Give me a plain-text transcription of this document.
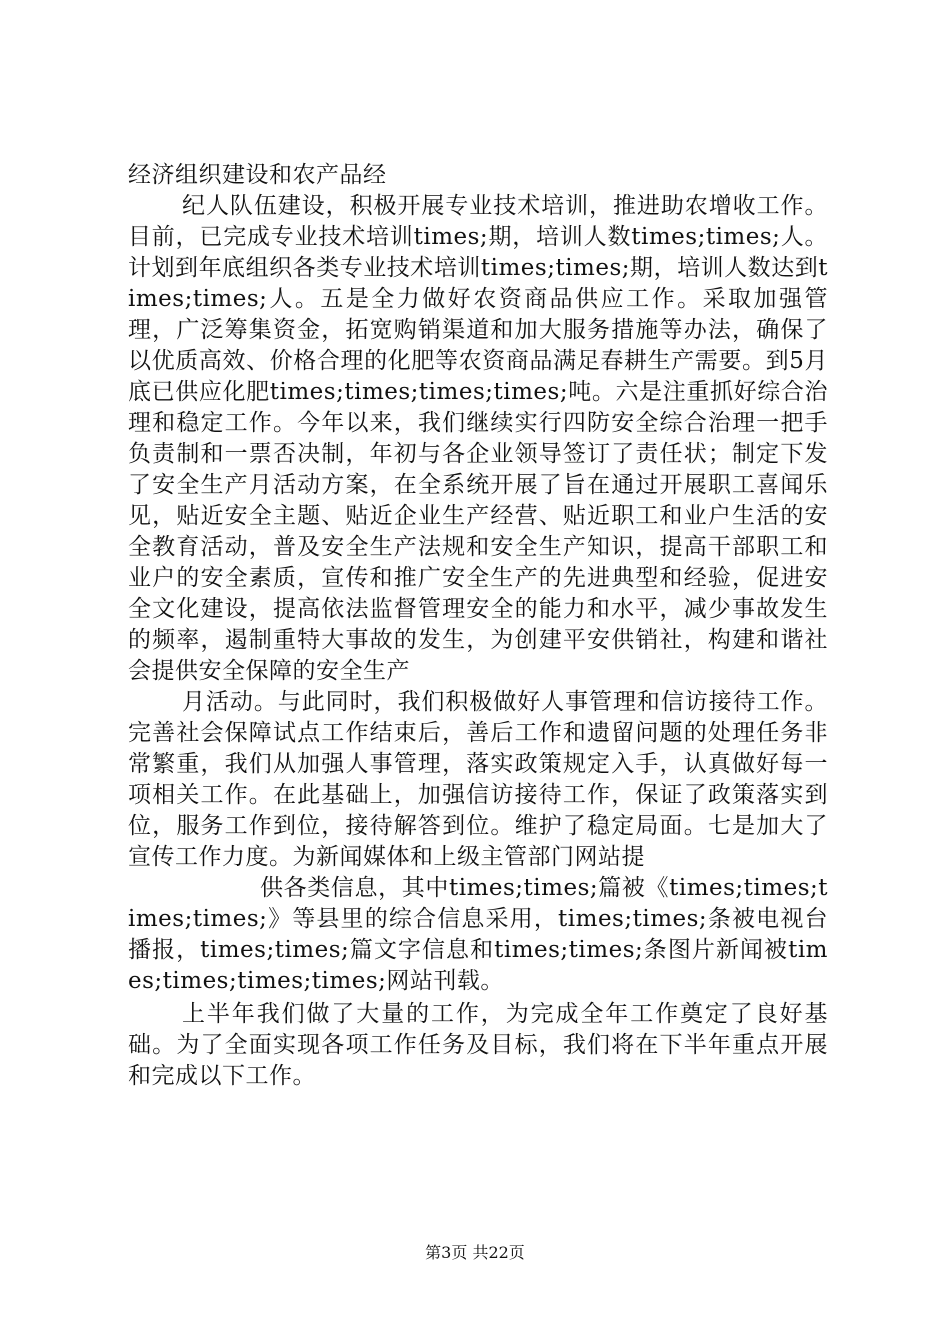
经济组织建设和农产品经

纪人队伍建设，积极开展专业技术培训，推进助农增收工作。目前，已完成专业技术培训times;期，培训人数times;times;人。计划到年底组织各类专业技术培训times;times;期，培训人数达到times;times;人。五是全力做好农资商品供应工作。采取加强管理，广泛筹集资金，拓宽购销渠道和加大服务措施等办法，确保了以优质高效、价格合理的化肥等农资商品满足春耕生产需要。到5月底已供应化肥times;times;times;times;吨。六是注重抓好综合治理和稳定工作。今年以来，我们继续实行四防安全综合治理一把手负责制和一票否决制，年初与各企业领导签订了责任状；制定下发了安全生产月活动方案，在全系统开展了旨在通过开展职工喜闻乐见，贴近安全主题、贴近企业生产经营、贴近职工和业户生活的安全教育活动，普及安全生产法规和安全生产知识，提高干部职工和业户的安全素质，宣传和推广安全生产的先进典型和经验，促进安全文化建设，提高依法监督管理安全的能力和水平，减少事故发生的频率，遏制重特大事故的发生，为创建平安供销社，构建和谐社会提供安全保障的安全生产

月活动。与此同时，我们积极做好人事管理和信访接待工作。完善社会保障试点工作结束后，善后工作和遗留问题的处理任务非常繁重，我们从加强人事管理，落实政策规定入手，认真做好每一项相关工作。在此基础上，加强信访接待工作，保证了政策落实到位，服务工作到位，接待解答到位。维护了稳定局面。七是加大了宣传工作力度。为新闻媒体和上级主管部门网站提

供各类信息，其中times;times;篇被《times;times;times;times;》等县里的综合信息采用，times;times;条被电视台播报，times;times;篇文字信息和times;times;条图片新闻被times;times;times;times;网站刊载。

上半年我们做了大量的工作，为完成全年工作奠定了良好基础。为了全面实现各项工作任务及目标，我们将在下半年重点开展和完成以下工作。

第3页 共22页
